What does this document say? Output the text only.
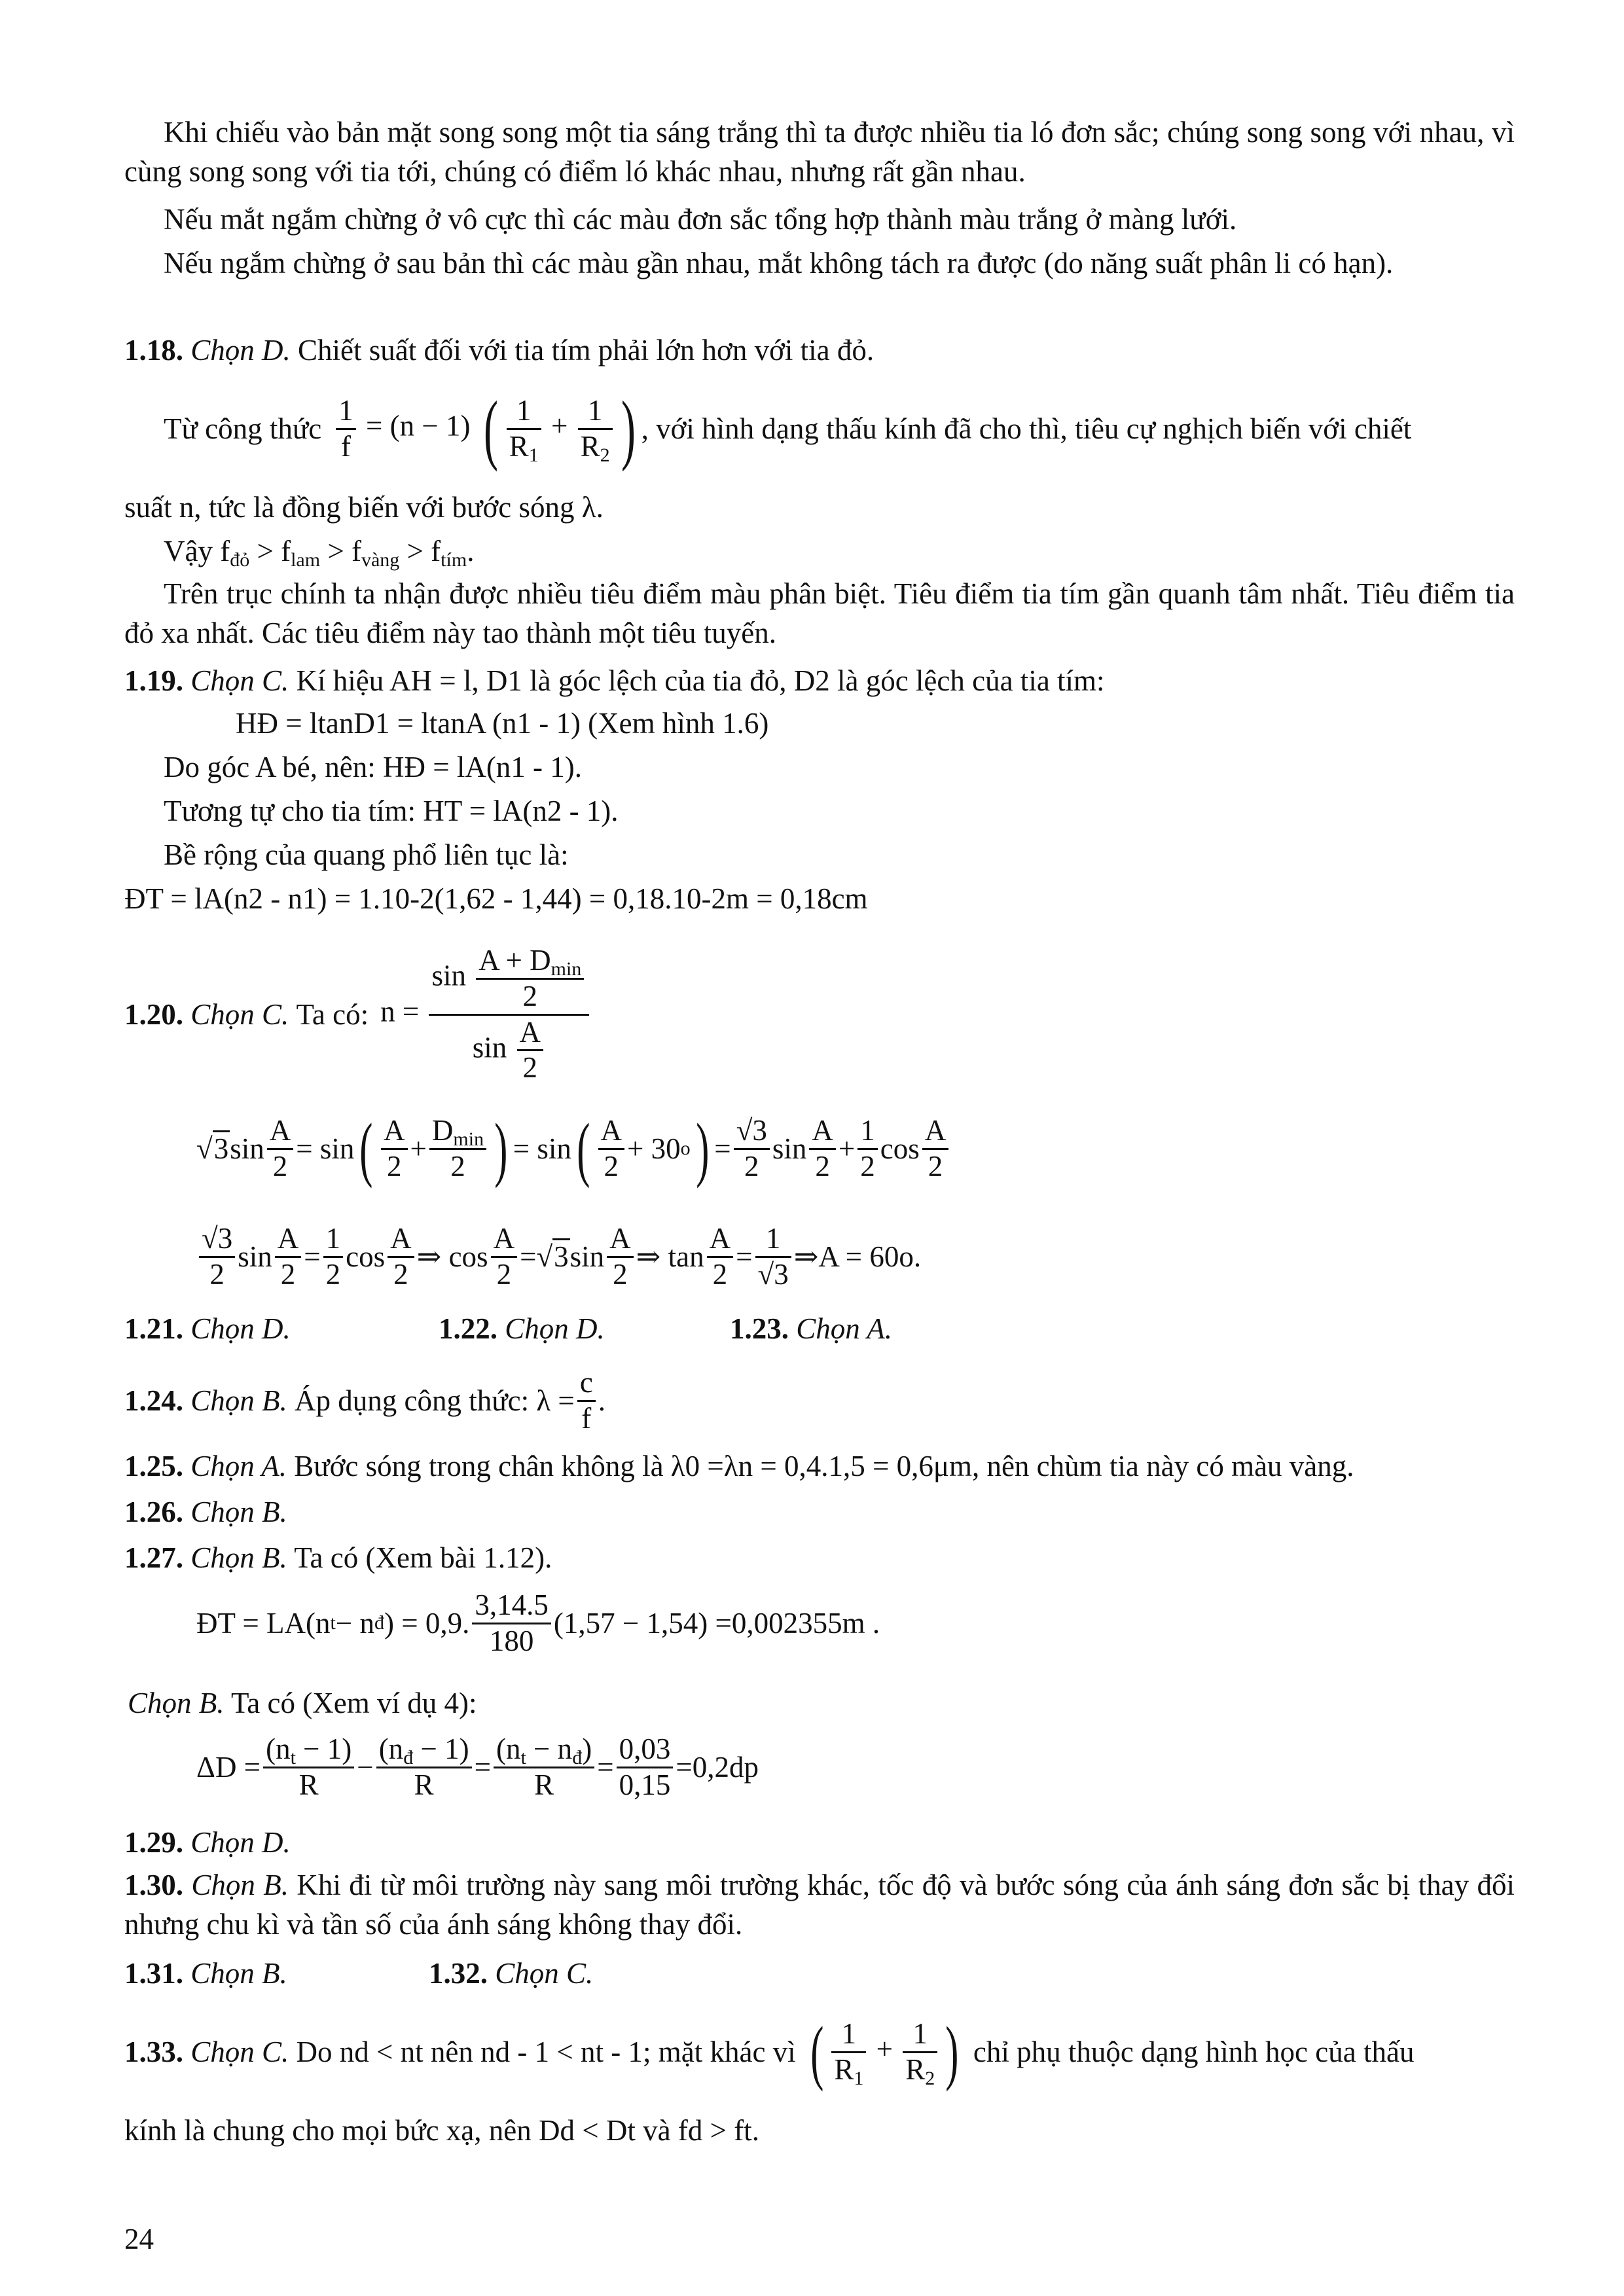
Khi chiếu vào bản mặt song song một tia sáng trắng thì ta được nhiều tia ló đơn sắc; chúng song song với nhau, vì cùng song song với tia tới, chúng có điểm ló khác nhau, nhưng rất gần nhau.
Nếu mắt ngắm chừng ở vô cực thì các màu đơn sắc tổng hợp thành màu trắng ở màng lưới.
Nếu ngắm chừng ở sau bản thì các màu gần nhau, mắt không tách ra được (do năng suất phân li có hạn).
1.18. Chọn D. Chiết suất đối với tia tím phải lớn hơn với tia đỏ.
Từ công thức $\frac{1}{f} = (n - 1)$ ( $\frac{1}{R_1} + \frac{1}{R_2}$ ) , với hình dạng thấu kính đã cho thì, tiêu cự nghịch biến với chiết
suất n, tức là đồng biến với bước sóng λ.
Vậy $f_{đỏ} > f_{lam} > f_{vàng} > f_{tím}$.
Trên trục chính ta nhận được nhiều tiêu điểm màu phân biệt. Tiêu điểm tia tím gần quanh tâm nhất. Tiêu điểm tia đỏ xa nhất. Các tiêu điểm này tao thành một tiêu tuyến.
1.19. Chọn C. Kí hiệu AH = l, D1 là góc lệch của tia đỏ, D2 là góc lệch của tia tím:
HĐ = ltanD1 = ltanA (n1 - 1) (Xem hình 1.6)
Do góc A bé, nên: HĐ = lA(n1 - 1).
Tương tự cho tia tím: HT = lA(n2 - 1).
Bề rộng của quang phổ liên tục là:
ĐT = lA(n2 - n1) = 1.10-2(1,62 - 1,44) = 0,18.10-2m = 0,18cm
1.20.
Chọn C.
Ta có: $n = \frac{\sin \frac{A + D_{min}}{2}}{\sin \frac{A}{2}}$
√3 $\sin \frac{A}{2} = \sin$ ( $\frac{A}{2} + \frac{D_{min}}{2}$ ) = sin ( $\frac{A}{2} + 30$ o ) = $\frac{√3}{2}$ $\sin \frac{A}{2} + \frac{1}{2}$ $\cos \frac{A}{2}$
$\frac{√3}{2}$ $\sin \frac{A}{2} = \frac{1}{2}$ $\cos \frac{A}{2}$ ⇒ $\cos \frac{A}{2} = √3$ $\sin \frac{A}{2}$ ⇒ $\tan \frac{A}{2} = \frac{1}{√3}$ ⇒ A = 60o .
1.21. Chọn D.	1.22. Chọn D.	1.23. Chọn A.
1.24.
Chọn B.
Áp dụng công thức: $\lambda = \frac{c}{f}$ .
1.25. Chọn A. Bước sóng trong chân không là λ0 =λn = 0,4.1,5 = 0,6μm, nên chùm tia này có màu vàng.
1.26. Chọn B.
1.27. Chọn B. Ta có (Xem bài 1.12).
ĐT = LA(n t − n đ ) = 0,9. $\frac{3,14.5}{180} (1,57 - 1,54) = 0,002355m$ .
Chọn B. Ta có (Xem ví dụ 4):
$\Delta D = \frac{(n_t - 1)}{R} - \frac{(n_đ - 1)}{R} = \frac{(n_t - n_đ)}{R} = \frac{0,03}{0,15} = 0,2dp$
1.29. Chọn D.
1.30. Chọn B. Khi đi từ môi trường này sang môi trường khác, tốc độ và bước sóng của ánh sáng đơn sắc bị thay đổi nhưng chu kì và tần số của ánh sáng không thay đổi.
1.31. Chọn B.	1.32. Chọn C.
1.33.
Chọn C.
Do nd < nt nên nd - 1 < nt - 1; mặt khác vì ( $\frac{1}{R_1} + \frac{1}{R_2}$ ) chỉ phụ thuộc dạng hình học của thấu
kính là chung cho mọi bức xạ, nên Dd < Dt và fd > ft.
24
